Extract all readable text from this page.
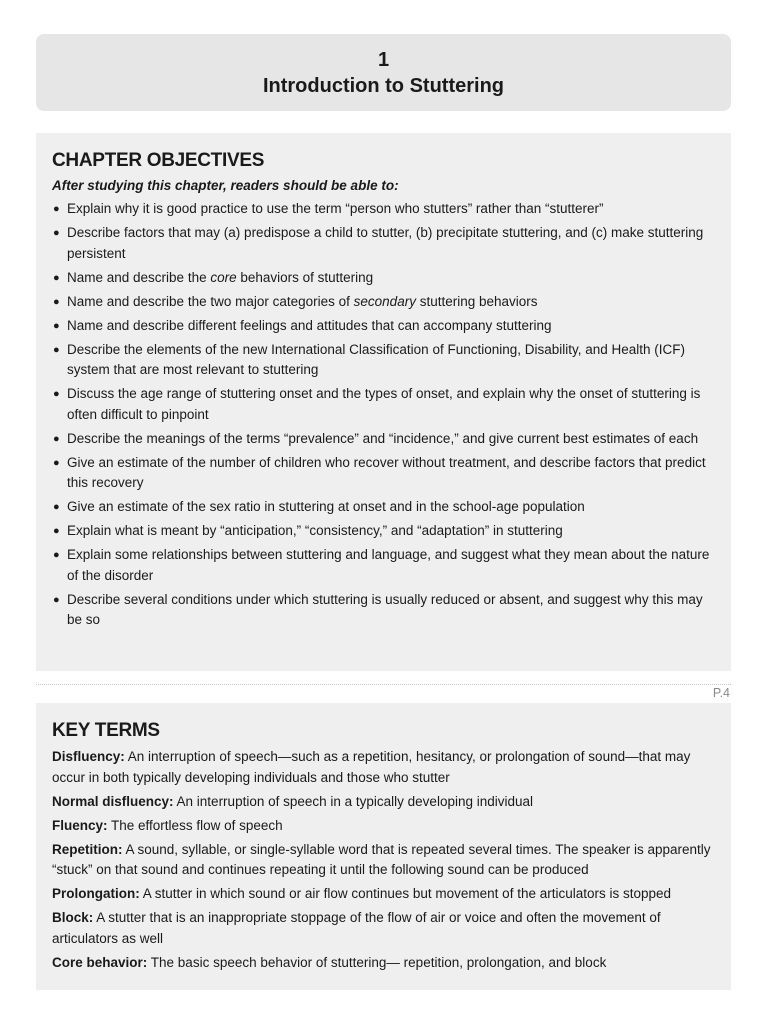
1
Introduction to Stuttering
CHAPTER OBJECTIVES
After studying this chapter, readers should be able to:
● Explain why it is good practice to use the term “person who stutters” rather than “stutterer”
● Describe factors that may (a) predispose a child to stutter, (b) precipitate stuttering, and (c) make stuttering persistent
● Name and describe the core behaviors of stuttering
● Name and describe the two major categories of secondary stuttering behaviors
● Name and describe different feelings and attitudes that can accompany stuttering
● Describe the elements of the new International Classification of Functioning, Disability, and Health (ICF) system that are most relevant to stuttering
● Discuss the age range of stuttering onset and the types of onset, and explain why the onset of stuttering is often difficult to pinpoint
● Describe the meanings of the terms “prevalence” and “incidence,” and give current best estimates of each
● Give an estimate of the number of children who recover without treatment, and describe factors that predict this recovery
● Give an estimate of the sex ratio in stuttering at onset and in the school-age population
● Explain what is meant by “anticipation,” “consistency,” and “adaptation” in stuttering
● Explain some relationships between stuttering and language, and suggest what they mean about the nature of the disorder
● Describe several conditions under which stuttering is usually reduced or absent, and suggest why this may be so
P.4
KEY TERMS
Disfluency: An interruption of speech—such as a repetition, hesitancy, or prolongation of sound—that may occur in both typically developing individuals and those who stutter
Normal disfluency: An interruption of speech in a typically developing individual
Fluency: The effortless flow of speech
Repetition: A sound, syllable, or single-syllable word that is repeated several times. The speaker is apparently “stuck” on that sound and continues repeating it until the following sound can be produced
Prolongation: A stutter in which sound or air flow continues but movement of the articulators is stopped
Block: A stutter that is an inappropriate stoppage of the flow of air or voice and often the movement of articulators as well
Core behavior: The basic speech behavior of stuttering— repetition, prolongation, and block
